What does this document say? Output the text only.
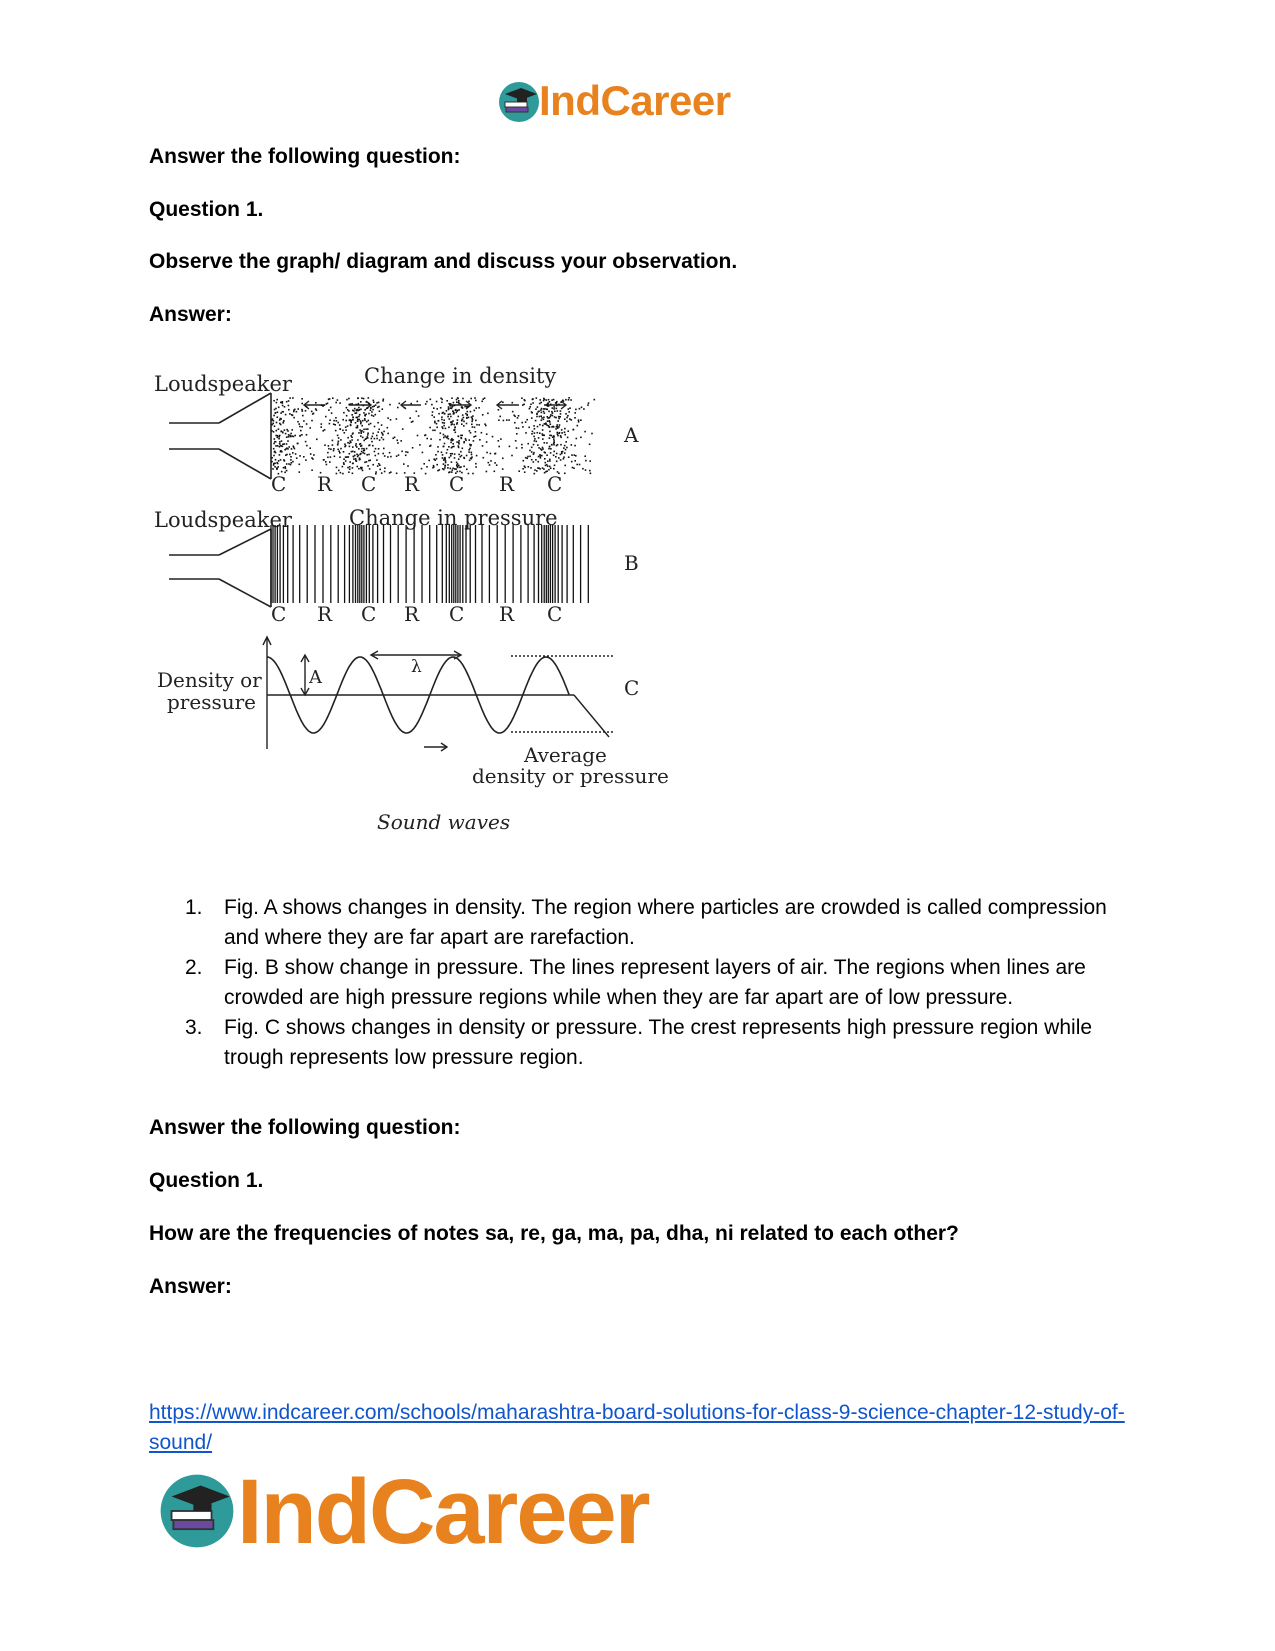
IndCareer

Answer the following question:

Question 1.

Observe the graph/ diagram and discuss your observation.

Answer:

Loudspeaker	Change in density
A
C R C R C R C
Loudspeaker	Change in pressure
B
C R C R C R C
Density or
pressure
A	λ
C
Average
density or pressure
Sound waves
1. Fig. A shows changes in density. The region where particles are crowded is called compression and where they are far apart are rarefaction.
2. Fig. B show change in pressure. The lines represent layers of air. The regions when lines are crowded are high pressure regions while when they are far apart are of low pressure.
3. Fig. C shows changes in density or pressure. The crest represents high pressure region while trough represents low pressure region.

Answer the following question:

Question 1.

How are the frequencies of notes sa, re, ga, ma, pa, dha, ni related to each other?

Answer:

https://www.indcareer.com/schools/maharashtra-board-solutions-for-class-9-science-chapter-12-study-of-sound/
IndCareer
